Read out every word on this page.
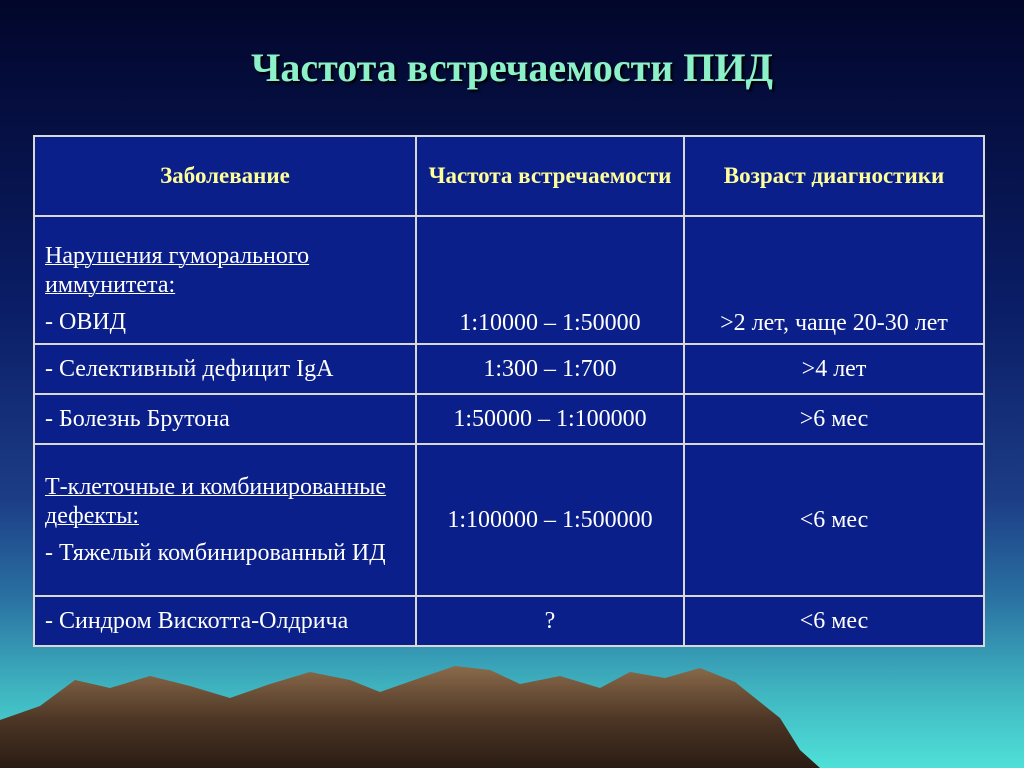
Частота встречаемости ПИД
Заболевание	Частота встречаемости	Возраст диагностики

Нарушения гуморального иммунитета:
- ОВИД	1:10000 – 1:50000	>2 лет, чаще 20-30 лет
- Селективный дефицит IgA	1:300 – 1:700	>4 лет
- Болезнь Брутона	1:50000 – 1:100000	>6 мес

Т-клеточные и комбинированные дефекты:
- Тяжелый комбинированный ИД	1:100000 – 1:500000	<6 мес
- Синдром Вискотта-Олдрича	?	<6 мес
